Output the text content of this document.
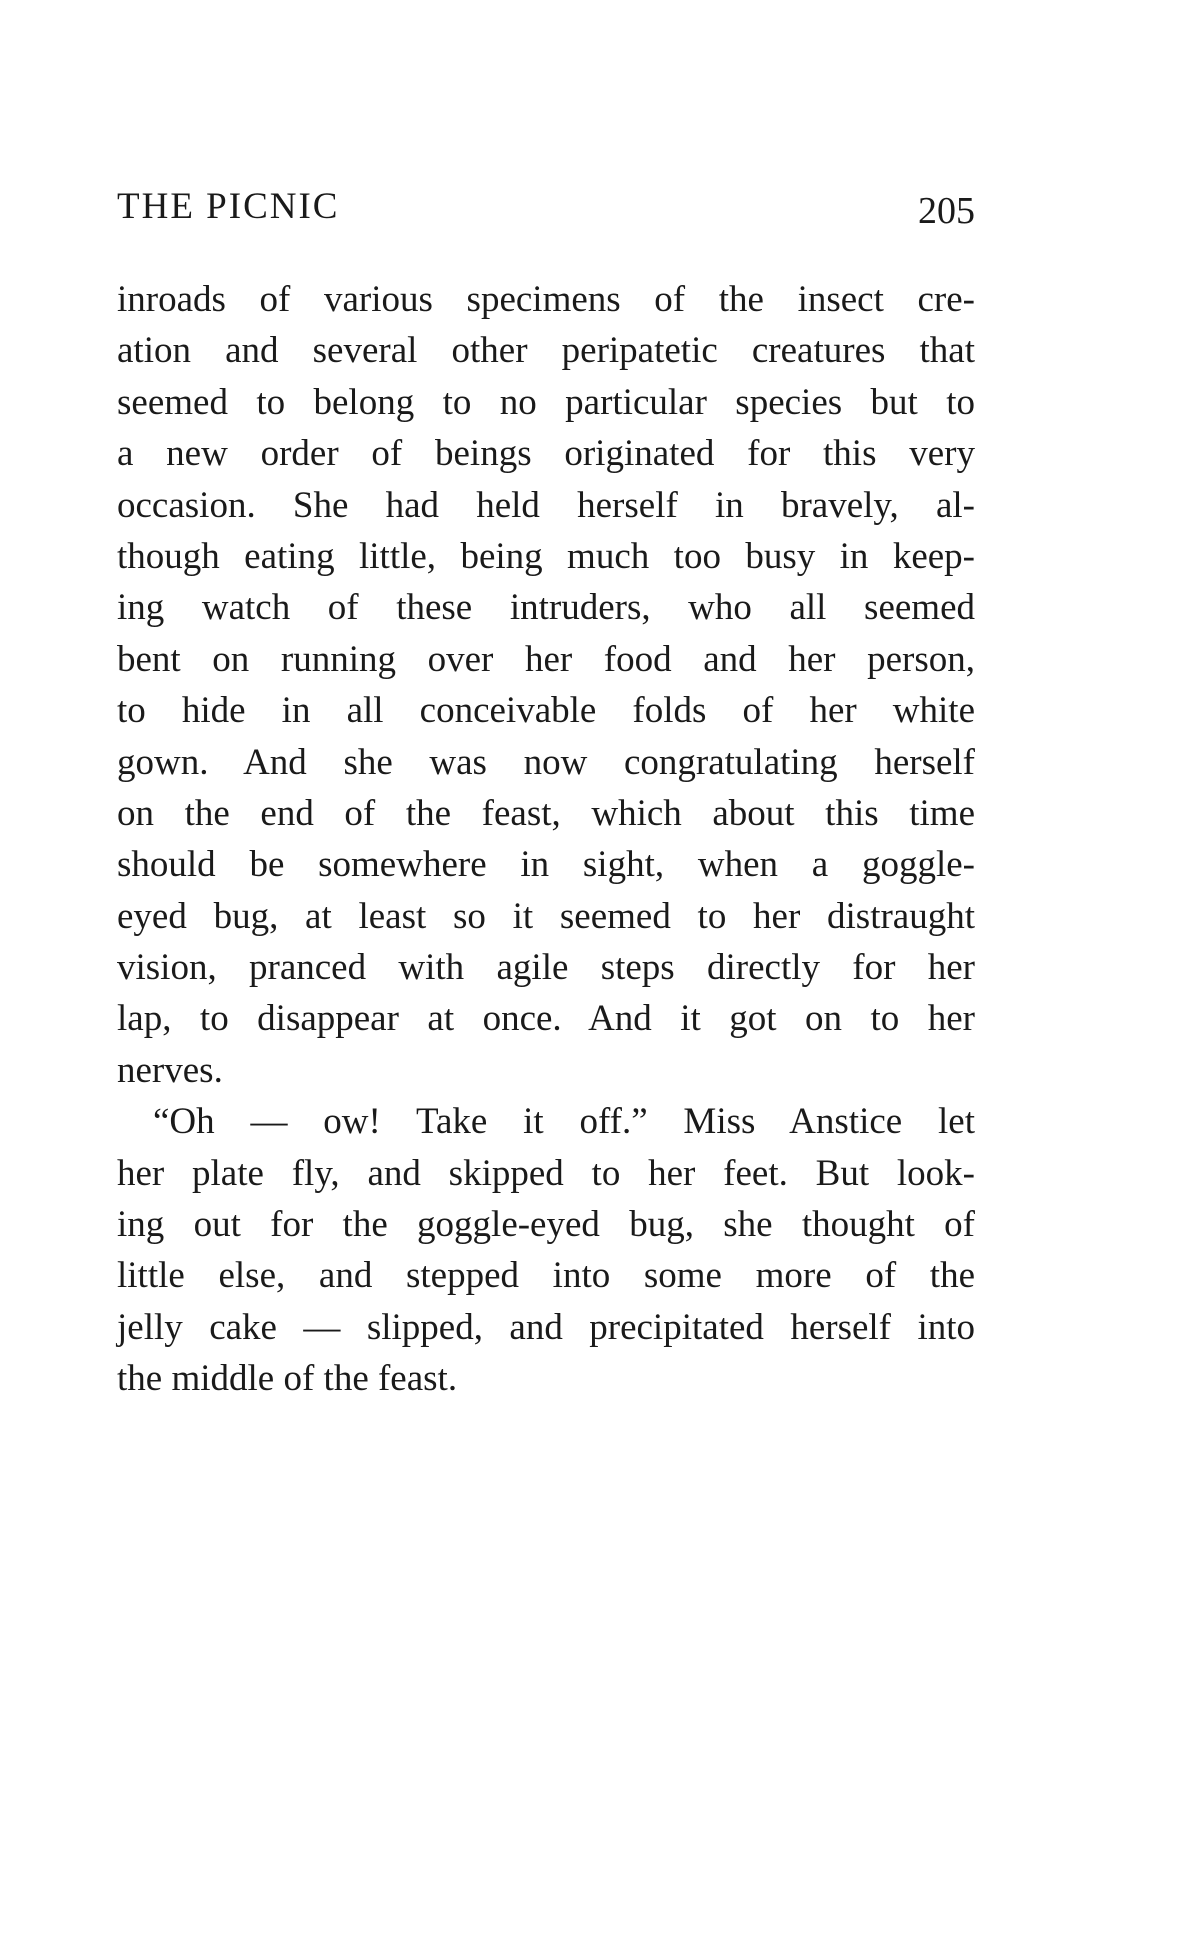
THE PICNIC	205
inroads of various specimens of the insect cre-
ation and several other peripatetic creatures that
seemed to belong to no particular species but to
a new order of beings originated for this very
occasion. She had held herself in bravely, al-
though eating little, being much too busy in keep-
ing watch of these intruders, who all seemed
bent on running over her food and her person,
to hide in all conceivable folds of her white
gown. And she was now congratulating herself
on the end of the feast, which about this time
should be somewhere in sight, when a goggle-
eyed bug, at least so it seemed to her distraught
vision, pranced with agile steps directly for her
lap, to disappear at once. And it got on to her
nerves.
“Oh — ow! Take it off.” Miss Anstice let
her plate fly, and skipped to her feet. But look-
ing out for the goggle-eyed bug, she thought of
little else, and stepped into some more of the
jelly cake — slipped, and precipitated herself into
the middle of the feast.
